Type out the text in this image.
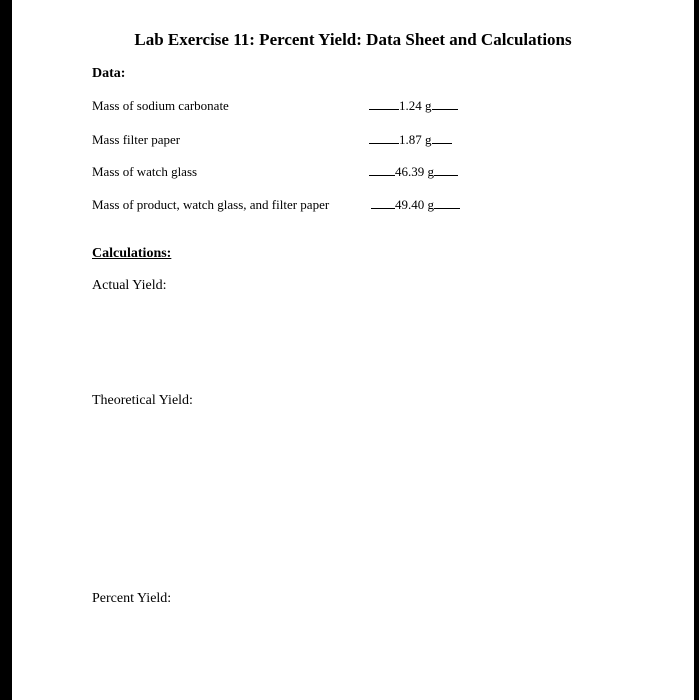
Lab Exercise 11: Percent Yield: Data Sheet and Calculations
Data:
Mass of sodium carbonate	1.24 g
Mass filter paper	1.87 g
Mass of watch glass	46.39 g
Mass of product, watch glass, and filter paper	49.40 g
Calculations:
Actual Yield:
Theoretical Yield:
Percent Yield:
